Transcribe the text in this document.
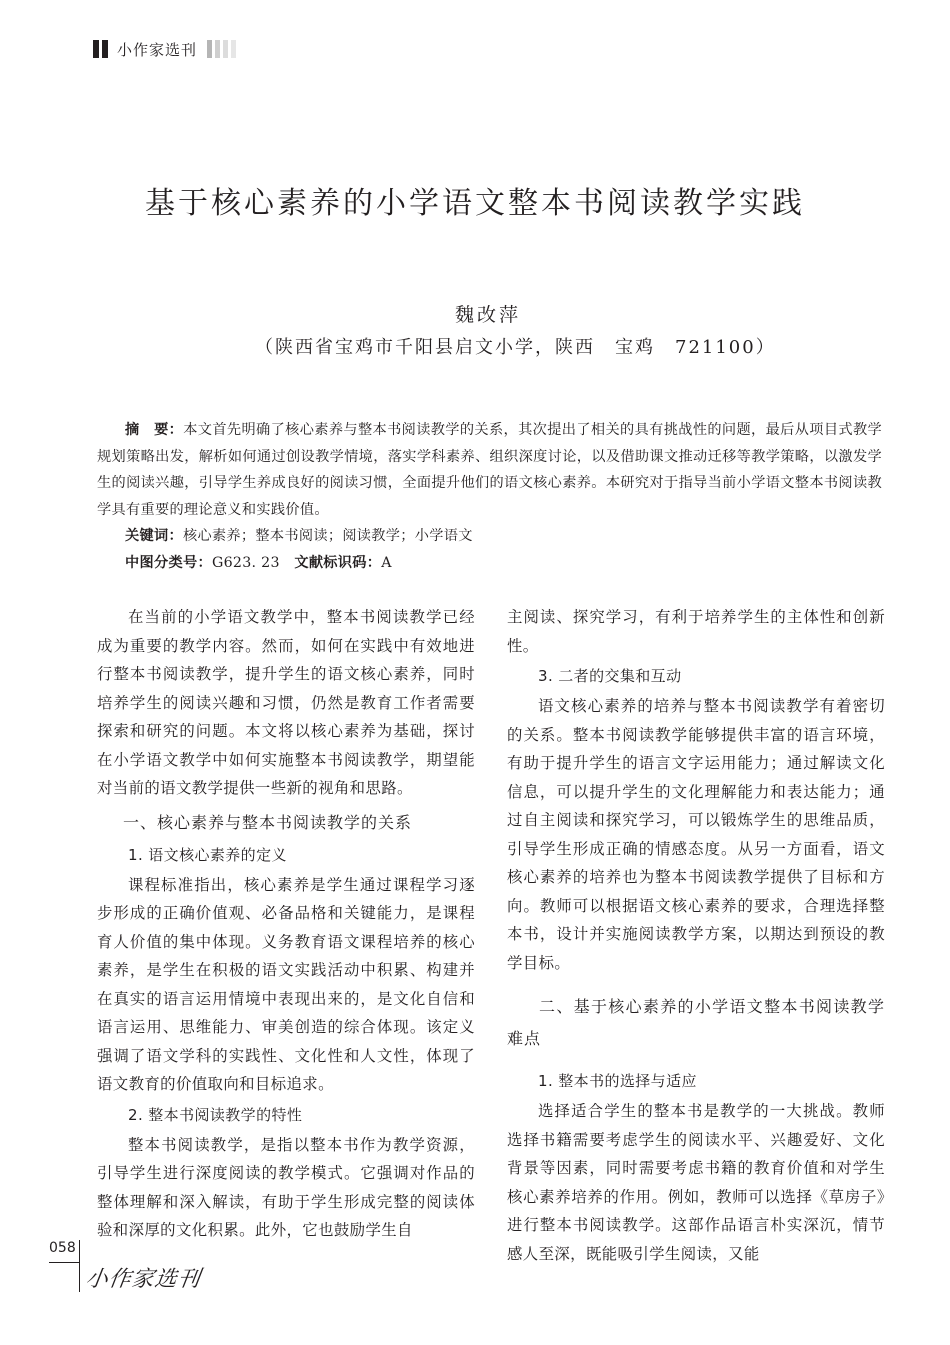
小作家选刊
基于核心素养的小学语文整本书阅读教学实践
魏改萍
（陕西省宝鸡市千阳县启文小学，陕西　宝鸡　721100）

摘　要：本文首先明确了核心素养与整本书阅读教学的关系，其次提出了相关的具有挑战性的问题，最后从项目式教学规划策略出发，解析如何通过创设教学情境，落实学科素养、组织深度讨论，以及借助课文推动迁移等教学策略，以激发学生的阅读兴趣，引导学生养成良好的阅读习惯，全面提升他们的语文核心素养。本研究对于指导当前小学语文整本书阅读教学具有重要的理论意义和实践价值。

关键词：核心素养；整本书阅读；阅读教学；小学语文

中图分类号：G623. 23　 文献标识码：A

在当前的小学语文教学中，整本书阅读教学已经成为重要的教学内容。然而，如何在实践中有效地进行整本书阅读教学，提升学生的语文核心素养，同时培养学生的阅读兴趣和习惯，仍然是教育工作者需要探索和研究的问题。本文将以核心素养为基础，探讨在小学语文教学中如何实施整本书阅读教学，期望能对当前的语文教学提供一些新的视角和思路。

一、核心素养与整本书阅读教学的关系
1. 语文核心素养的定义

课程标准指出，核心素养是学生通过课程学习逐步形成的正确价值观、必备品格和关键能力，是课程育人价值的集中体现。义务教育语文课程培养的核心素养，是学生在积极的语文实践活动中积累、构建并在真实的语言运用情境中表现出来的，是文化自信和语言运用、思维能力、审美创造的综合体现。该定义强调了语文学科的实践性、文化性和人文性，体现了语文教育的价值取向和目标追求。

2. 整本书阅读教学的特性

整本书阅读教学，是指以整本书作为教学资源，引导学生进行深度阅读的教学模式。它强调对作品的整体理解和深入解读，有助于学生形成完整的阅读体验和深厚的文化积累。此外，它也鼓励学生自

主阅读、探究学习，有利于培养学生的主体性和创新性。

3. 二者的交集和互动

语文核心素养的培养与整本书阅读教学有着密切的关系。整本书阅读教学能够提供丰富的语言环境，有助于提升学生的语言文字运用能力；通过解读文化信息，可以提升学生的文化理解能力和表达能力；通过自主阅读和探究学习，可以锻炼学生的思维品质，引导学生形成正确的情感态度。从另一方面看，语文核心素养的培养也为整本书阅读教学提供了目标和方向。教师可以根据语文核心素养的要求，合理选择整本书，设计并实施阅读教学方案，以期达到预设的教学目标。

二、基于核心素养的小学语文整本书阅读教学难点
1. 整本书的选择与适应

选择适合学生的整本书是教学的一大挑战。教师选择书籍需要考虑学生的阅读水平、兴趣爱好、文化背景等因素，同时需要考虑书籍的教育价值和对学生核心素养培养的作用。例如，教师可以选择《草房子》进行整本书阅读教学。这部作品语言朴实深沉，情节感人至深，既能吸引学生阅读，又能

058
小作家选刊
